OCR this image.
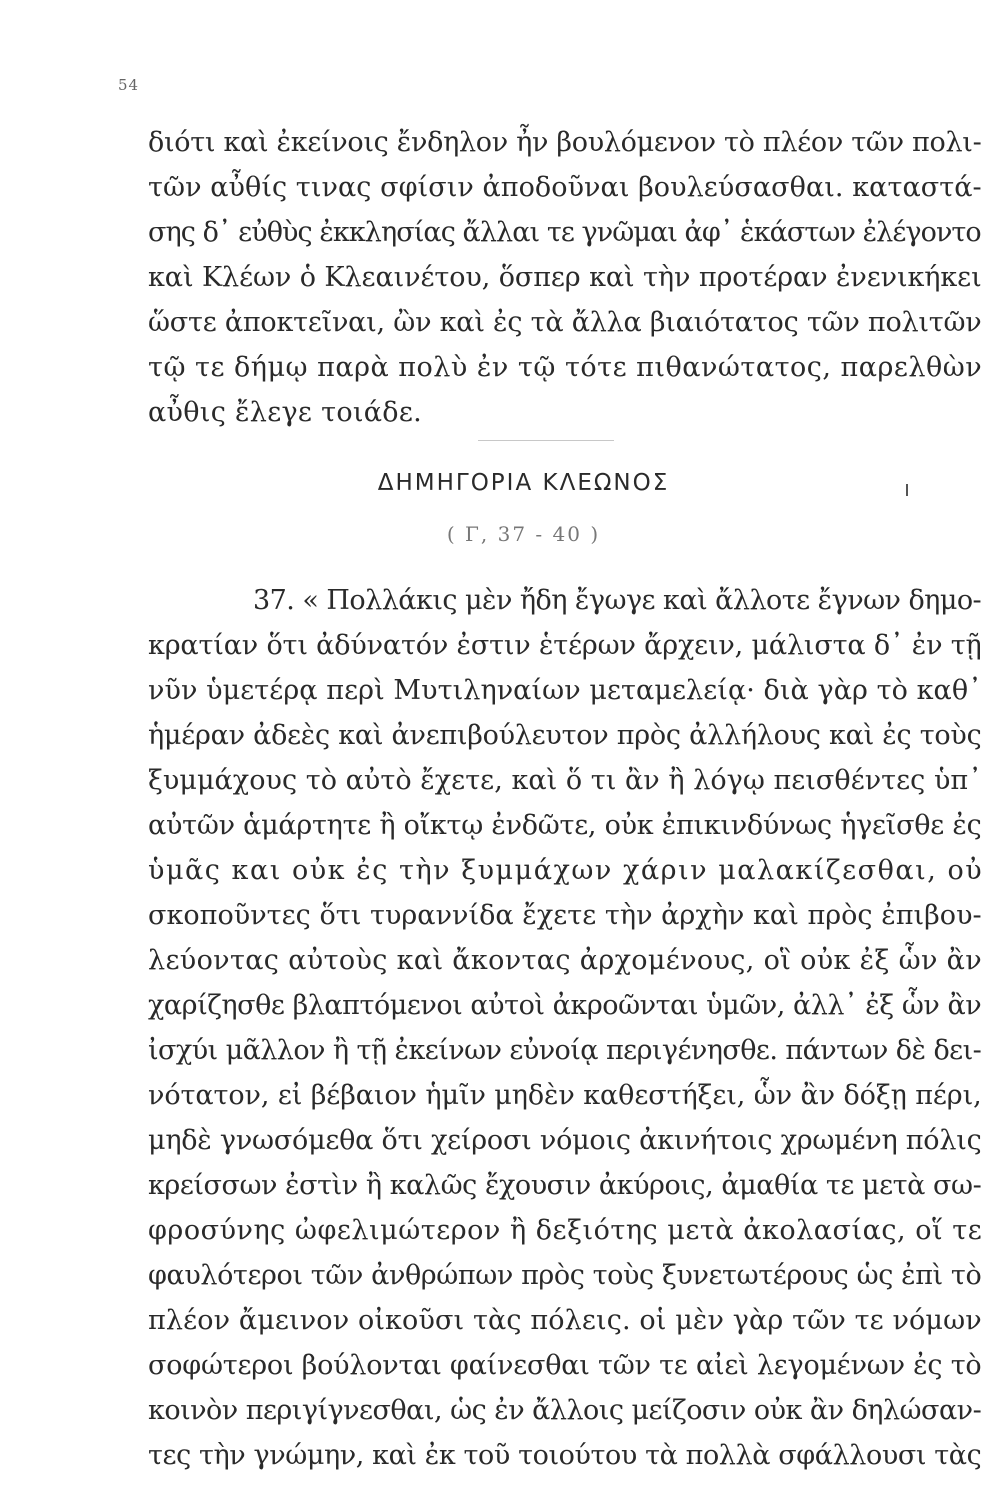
54
διότι καὶ ἐκείνοις ἔνδηλον ἦν βουλόμενον τὸ πλέον τῶν πολι-
τῶν αὖθίς τινας σφίσιν ἀποδοῦναι βουλεύσασθαι. καταστά-
σης δ᾽ εὐθὺς ἐκκλησίας ἄλλαι τε γνῶμαι ἀφ᾽ ἑκάστων ἐλέγοντο
καὶ Κλέων ὁ Κλεαινέτου, ὅσπερ καὶ τὴν προτέραν ἐνενικήκει
ὥστε ἀποκτεῖναι, ὢν καὶ ἐς τὰ ἄλλα βιαιότατος τῶν πολιτῶν
τῷ τε δήμῳ παρὰ πολὺ ἐν τῷ τότε πιθανώτατος, παρελθὼν
αὖθις ἔλεγε τοιάδε.
ΔΗΜΗΓΟΡΙΑ ΚΛΕΩΝΟΣ
( Γ, 37 - 40 )
37. « Πολλάκις μὲν ἤδη ἔγωγε καὶ ἄλλοτε ἔγνων δημο-
κρατίαν ὅτι ἀδύνατόν ἐστιν ἑτέρων ἄρχειν, μάλιστα δ᾽ ἐν τῇ
νῦν ὑμετέρᾳ περὶ Μυτιληναίων μεταμελείᾳ· διὰ γὰρ τὸ καθ᾽
ἡμέραν ἀδεὲς καὶ ἀνεπιβούλευτον πρὸς ἀλλήλους καὶ ἐς τοὺς
ξυμμάχους τὸ αὐτὸ ἔχετε, καὶ ὅ τι ἂν ἢ λόγῳ πεισθέντες ὑπ᾽
αὐτῶν ἁμάρτητε ἢ οἴκτῳ ἐνδῶτε, οὐκ ἐπικινδύνως ἡγεῖσθε ἐς
ὑμᾶς και οὐκ ἐς τὴν ξυμμάχων χάριν μαλακίζεσθαι, οὐ
σκοποῦντες ὅτι τυραννίδα ἔχετε τὴν ἀρχὴν καὶ πρὸς ἐπιβου-
λεύοντας αὐτοὺς καὶ ἄκοντας ἀρχομένους, οἳ οὐκ ἐξ ὧν ἂν
χαρίζησθε βλαπτόμενοι αὐτοὶ ἀκροῶνται ὑμῶν, ἀλλ᾽ ἐξ ὧν ἂν
ἰσχύι μᾶλλον ἢ τῇ ἐκείνων εὐνοίᾳ περιγένησθε. πάντων δὲ δει-
νότατον, εἰ βέβαιον ἡμῖν μηδὲν καθεστήξει, ὧν ἂν δόξῃ πέρι,
μηδὲ γνωσόμεθα ὅτι χείροσι νόμοις ἀκινήτοις χρωμένη πόλις
κρείσσων ἐστὶν ἢ καλῶς ἔχουσιν ἀκύροις, ἀμαθία τε μετὰ σω-
φροσύνης ὠφελιμώτερον ἢ δεξιότης μετὰ ἀκολασίας, οἵ τε
φαυλότεροι τῶν ἀνθρώπων πρὸς τοὺς ξυνετωτέρους ὡς ἐπὶ τὸ
πλέον ἄμεινον οἰκοῦσι τὰς πόλεις. οἱ μὲν γὰρ τῶν τε νόμων
σοφώτεροι βούλονται φαίνεσθαι τῶν τε αἰεὶ λεγομένων ἐς τὸ
κοινὸν περιγίγνεσθαι, ὡς ἐν ἄλλοις μείζοσιν οὐκ ἂν δηλώσαν-
τες τὴν γνώμην, καὶ ἐκ τοῦ τοιούτου τὰ πολλὰ σφάλλουσι τὰς
